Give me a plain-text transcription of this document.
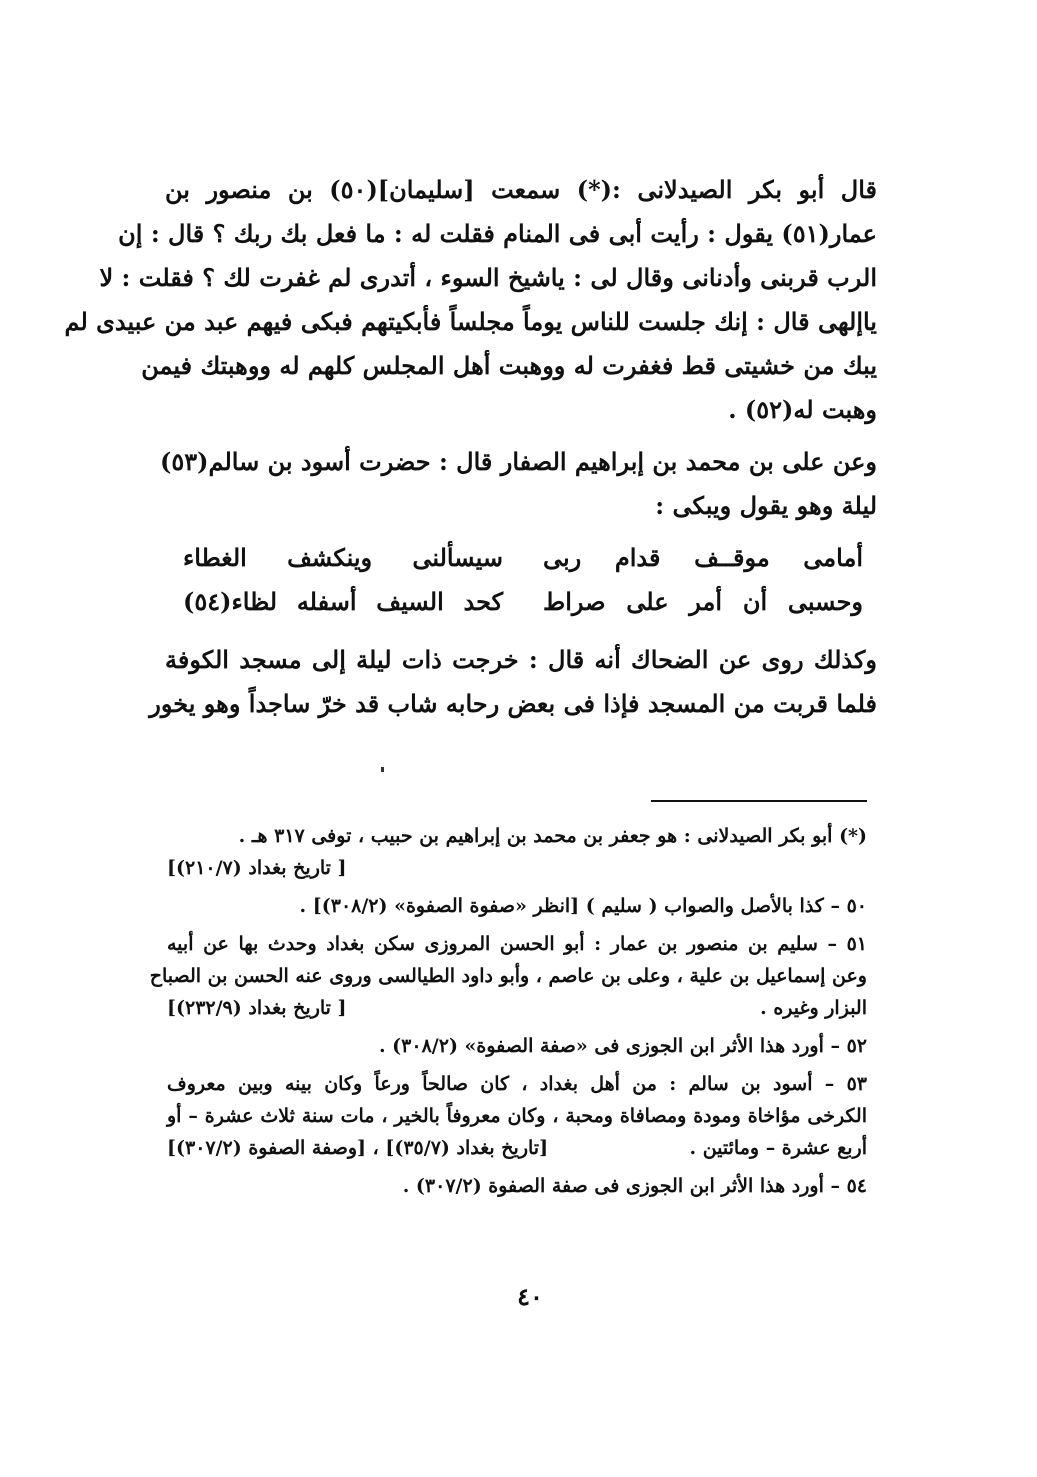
قال أبو بكر الصيدلانى :(*) سمعت [سليمان](٥٠) بن منصور بن
عمار(٥١) يقول : رأيت أبى فى المنام فقلت له : ما فعل بك ربك ؟ قال : إن
الرب قربنى وأدنانى وقال لى : ياشيخ السوء ، أتدرى لم غفرت لك ؟ فقلت : لا
ياإلهى قال : إنك جلست للناس يوماً مجلساً فأبكيتهم فبكى فيهم عبد من عبيدى لم
يبك من خشيتى قط فغفرت له ووهبت أهل المجلس كلهم له ووهبتك فيمن
وهبت له(٥٢) .
وعن على بن محمد بن إبراهيم الصفار قال : حضرت أسود بن سالم(٥٣)
ليلة وهو يقول ويبكى :
أمامى موقــف قدام ربى
سيسألنى وينكشف الغطاء
وحسبى أن أمر على صراط
كحد السيف أسفله لظاء(٥٤)
وكذلك روى عن الضحاك أنه قال : خرجت ذات ليلة إلى مسجد الكوفة
فلما قربت من المسجد فإذا فى بعض رحابه شاب قد خرّ ساجداً وهو يخور
(*) أبو بكر الصيدلانى : هو جعفر بن محمد بن إبراهيم بن حبيب ، توفى ٣١٧ هـ .
[ تاريخ بغداد (٢١٠/٧)]
٥٠ – كذا بالأصل والصواب ( سليم ) [انظر «صفوة الصفوة» (٣٠٨/٢)] .
٥١ – سليم بن منصور بن عمار : أبو الحسن المروزى سكن بغداد وحدث بها عن أبيه
وعن إسماعيل بن علية ، وعلى بن عاصم ، وأبو داود الطيالسى وروى عنه الحسن بن الصباح
البزار وغيره .
[ تاريخ بغداد (٢٣٢/٩)]
٥٢ – أورد هذا الأثر ابن الجوزى فى «صفة الصفوة» (٣٠٨/٢) .
٥٣ – أسود بن سالم : من أهل بغداد ، كان صالحاً ورعاً وكان بينه وبين معروف
الكرخى مؤاخاة ومودة ومصافاة ومحبة ، وكان معروفاً بالخير ، مات سنة ثلاث عشرة – أو
أربع عشرة – ومائتين .
[تاريخ بغداد (٣٥/٧)] ، [وصفة الصفوة (٣٠٧/٢)]
٥٤ – أورد هذا الأثر ابن الجوزى فى صفة الصفوة (٣٠٧/٢) .
٤٠
